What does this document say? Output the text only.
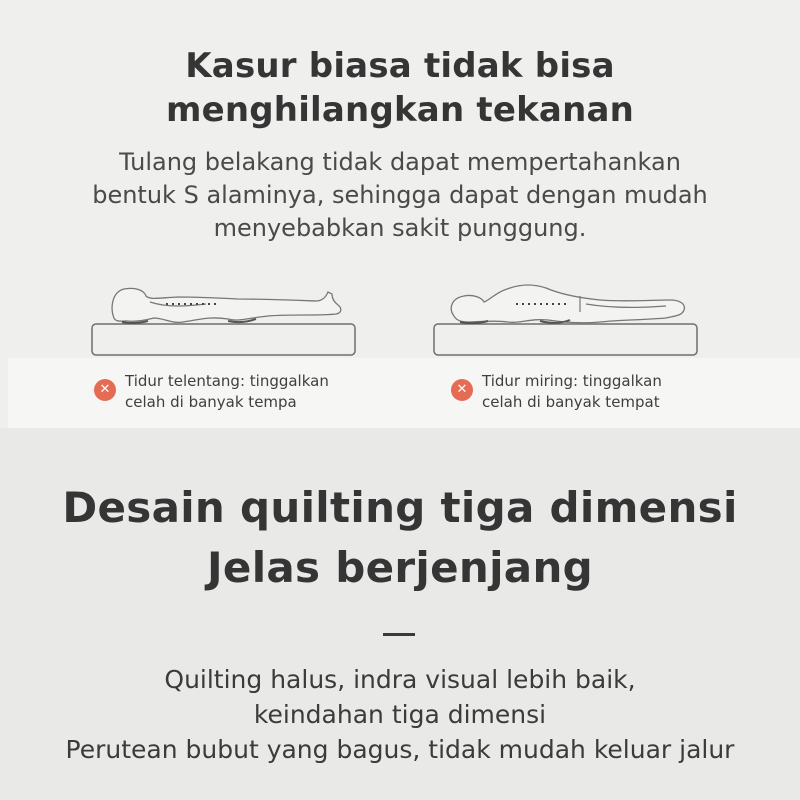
Kasur biasa tidak bisa
menghilangkan tekanan
Tulang belakang tidak dapat mempertahankan
bentuk S alaminya, sehingga dapat dengan mudah
menyebabkan sakit punggung.
✕ Tidur telentang: tinggalkan
celah di banyak tempa
✕ Tidur miring: tinggalkan
celah di banyak tempat
Desain quilting tiga dimensi
Jelas berjenjang
Quilting halus, indra visual lebih baik,
keindahan tiga dimensi
Perutean bubut yang bagus, tidak mudah keluar jalur
